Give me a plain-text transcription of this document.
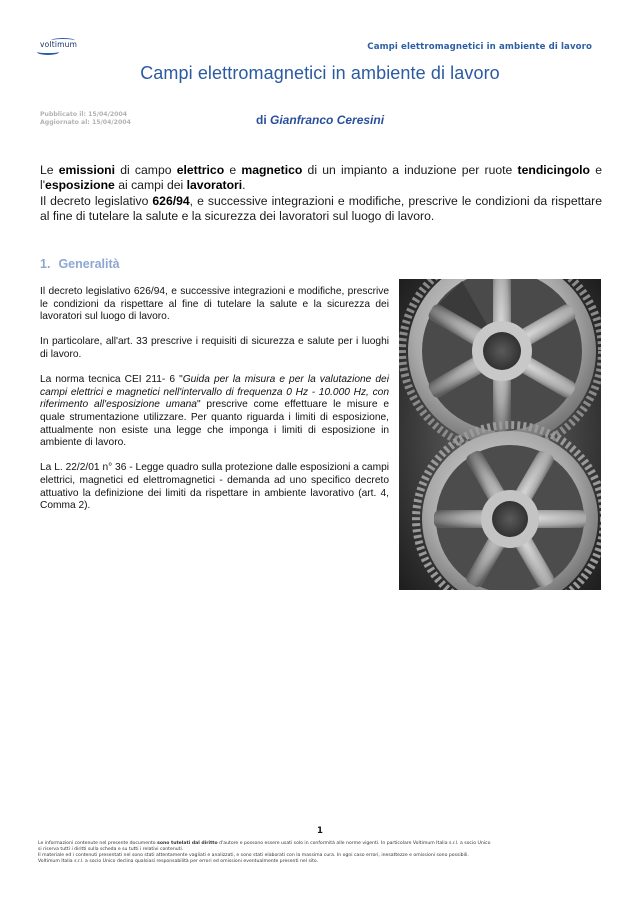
voltimum	Campi elettromagnetici in ambiente di lavoro
Campi elettromagnetici in ambiente di lavoro
Pubblicato il: 15/04/2004
Aggiornato al: 15/04/2004	di Gianfranco Ceresini

Le emissioni di campo elettrico e magnetico di un impianto a induzione per ruote tendicingolo e l'esposizione ai campi dei lavoratori.

Il decreto legislativo 626/94, e successive integrazioni e modifiche, prescrive le condizioni da rispettare al fine di tutelare la salute e la sicurezza dei lavoratori sul luogo di lavoro.

1. Generalità

Il decreto legislativo 626/94, e successive integrazioni e modifiche, prescrive le condizioni da rispettare al fine di tutelare la salute e la sicurezza dei lavoratori sul luogo di lavoro.

In particolare, all'art. 33 prescrive i requisiti di sicurezza e salute per i luoghi di lavoro.

La norma tecnica CEI 211- 6 "Guida per la misura e per la valutazione dei campi elettrici e magnetici nell'intervallo di frequenza 0 Hz - 10.000 Hz, con riferimento all'esposizione umana" prescrive come effettuare le misure e quale strumentazione utilizzare. Per quanto riguarda i limiti di esposizione, attualmente non esiste una legge che imponga i limiti di esposizione in ambiente di lavoro.

La L. 22/2/01 n° 36 - Legge quadro sulla protezione dalle esposizioni a campi elettrici, magnetici ed elettromagnetici - demanda ad uno specifico decreto attuativo la definizione dei limiti da rispettare in ambiente lavorativo (art. 4, Comma 2).

1

Le informazioni contenute nel presente documento sono tutelati dal diritto d'autore e possono essere usati solo in conformità alle norme vigenti. In particolare Voltimum Italia s.r.l. a socio Unico

si riserva tutti i diritti sulla scheda e su tutti i relativi contenuti.

Il materiale ed i contenuti presentati nel sono stati attentamente vagliati e analizzati, e sono stati elaborati con la massima cura. In ogni caso errori, inesattezze e omissioni sono possibili.

Voltimum Italia s.r.l. a socio Unico declina qualsiasi responsabilità per errori ed omissioni eventualmente presenti nel sito.
